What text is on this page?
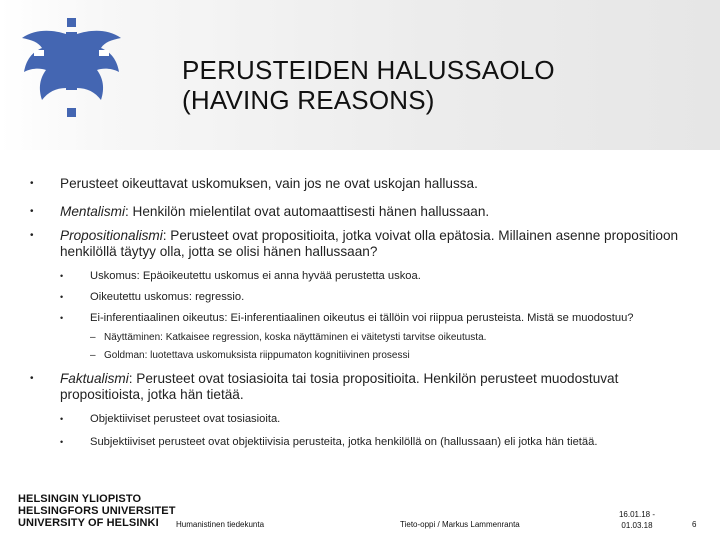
PERUSTEIDEN HALUSSAOLO
(HAVING REASONS)
• Perusteet oikeuttavat uskomuksen, vain jos ne ovat uskojan hallussa.
• Mentalismi: Henkilön mielentilat ovat automaattisesti hänen hallussaan.
• Propositionalismi: Perusteet ovat propositioita, jotka voivat olla epätosia. Millainen asenne propositioon henkilöllä täytyy olla, jotta se olisi hänen hallussaan?
• Uskomus: Epäoikeutettu uskomus ei anna hyvää perustetta uskoa.
• Oikeutettu uskomus: regressio.
• Ei-inferentiaalinen oikeutus: Ei-inferentiaalinen oikeutus ei tällöin voi riippua perusteista. Mistä se muodostuu?
– Näyttäminen: Katkaisee regression, koska näyttäminen ei väitetysti tarvitse oikeutusta.
– Goldman: luotettava uskomuksista riippumaton kognitiivinen prosessi
• Faktualismi: Perusteet ovat tosiasioita tai tosia propositioita. Henkilön perusteet muodostuvat propositioista, jotka hän tietää.
• Objektiiviset perusteet ovat tosiasioita.
• Subjektiiviset perusteet ovat objektiivisia perusteita, jotka henkilöllä on (hallussaan) eli jotka hän tietää.
HELSINGIN YLIOPISTO
HELSINGFORS UNIVERSITET
UNIVERSITY OF HELSINKI	Humanistinen tiedekunta	Tieto-oppi / Markus Lammenranta
16.01.18 -
01.03.18	6
